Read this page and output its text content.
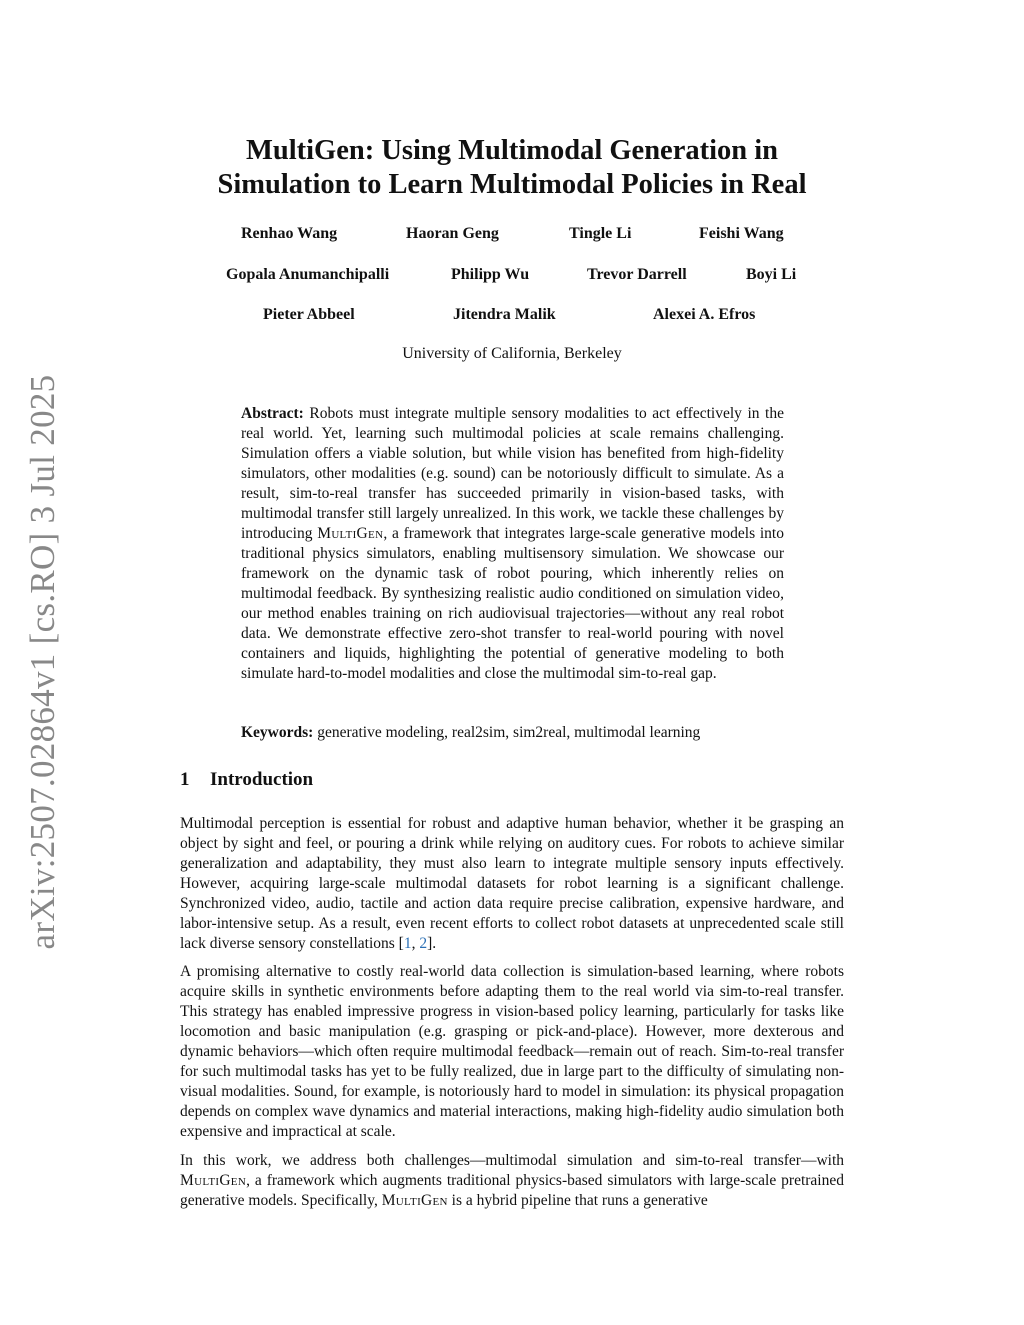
arXiv:2507.02864v1 [cs.RO] 3 Jul 2025
MultiGen: Using Multimodal Generation in
Simulation to Learn Multimodal Policies in Real
Renhao Wang	Haoran Geng	Tingle Li	Feishi Wang
Gopala Anumanchipalli	Philipp Wu	Trevor Darrell	Boyi Li
Pieter Abbeel	Jitendra Malik	Alexei A. Efros
University of California, Berkeley

Abstract: Robots must integrate multiple sensory modalities to act effectively in the real world. Yet, learning such multimodal policies at scale remains challenging. Simulation offers a viable solution, but while vision has benefited from high-fidelity simulators, other modalities (e.g. sound) can be notoriously difficult to simulate. As a result, sim-to-real transfer has succeeded primarily in vision-based tasks, with multimodal transfer still largely unrealized. In this work, we tackle these challenges by introducing MultiGen, a framework that integrates large-scale generative models into traditional physics simulators, enabling multisensory simulation. We showcase our framework on the dynamic task of robot pouring, which inherently relies on multimodal feedback. By synthesizing realistic audio conditioned on simulation video, our method enables training on rich audiovisual trajectories—without any real robot data. We demonstrate effective zero-shot transfer to real-world pouring with novel containers and liquids, highlighting the potential of generative modeling to both simulate hard-to-model modalities and close the multimodal sim-to-real gap.

Keywords: generative modeling, real2sim, sim2real, multimodal learning

1 Introduction

Multimodal perception is essential for robust and adaptive human behavior, whether it be grasping an object by sight and feel, or pouring a drink while relying on auditory cues. For robots to achieve similar generalization and adaptability, they must also learn to integrate multiple sensory inputs effectively. However, acquiring large-scale multimodal datasets for robot learning is a significant challenge. Synchronized video, audio, tactile and action data require precise calibration, expensive hardware, and labor-intensive setup. As a result, even recent efforts to collect robot datasets at unprecedented scale still lack diverse sensory constellations [1, 2].

A promising alternative to costly real-world data collection is simulation-based learning, where robots acquire skills in synthetic environments before adapting them to the real world via sim-to-real transfer. This strategy has enabled impressive progress in vision-based policy learning, particularly for tasks like locomotion and basic manipulation (e.g. grasping or pick-and-place). However, more dexterous and dynamic behaviors—which often require multimodal feedback—remain out of reach. Sim-to-real transfer for such multimodal tasks has yet to be fully realized, due in large part to the difficulty of simulating non-visual modalities. Sound, for example, is notoriously hard to model in simulation: its physical propagation depends on complex wave dynamics and material interactions, making high-fidelity audio simulation both expensive and impractical at scale.

In this work, we address both challenges—multimodal simulation and sim-to-real transfer—with MultiGen, a framework which augments traditional physics-based simulators with large-scale pretrained generative models. Specifically, MultiGen is a hybrid pipeline that runs a generative
